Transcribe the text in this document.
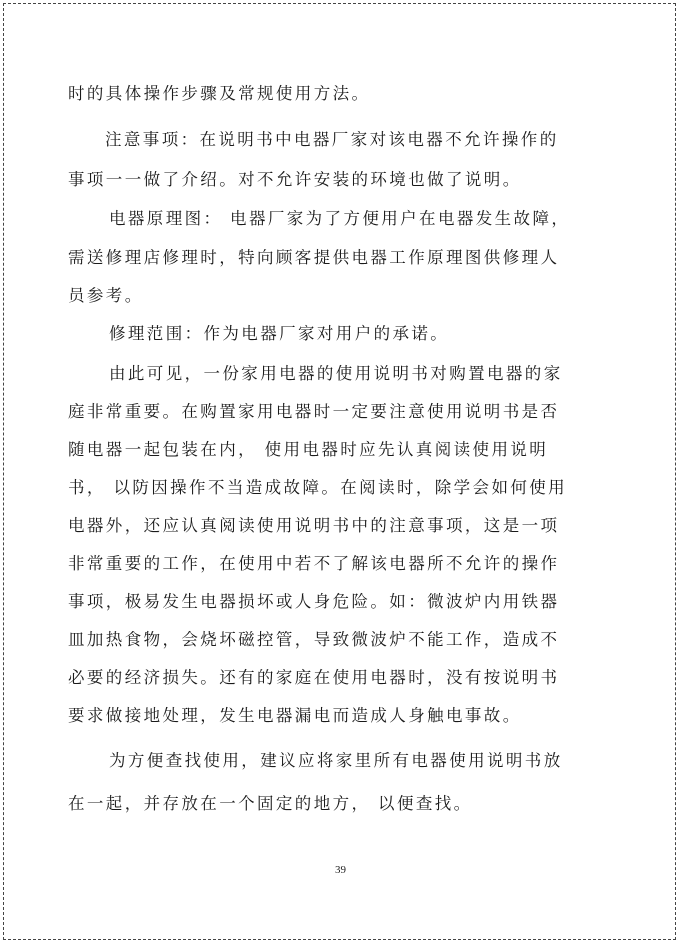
时的具体操作步骤及常规使用方法。
注意事项：在说明书中电器厂家对该电器不允许操作的
事项一一做了介绍。对不允许安装的环境也做了说明。
电器原理图： 电器厂家为了方便用户在电器发生故障，
需送修理店修理时，特向顾客提供电器工作原理图供修理人
员参考。
修理范围：作为电器厂家对用户的承诺。
由此可见，一份家用电器的使用说明书对购置电器的家
庭非常重要。在购置家用电器时一定要注意使用说明书是否
随电器一起包装在内， 使用电器时应先认真阅读使用说明
书， 以防因操作不当造成故障。在阅读时，除学会如何使用
电器外，还应认真阅读使用说明书中的注意事项，这是一项
非常重要的工作，在使用中若不了解该电器所不允许的操作
事项，极易发生电器损坏或人身危险。如：微波炉内用铁器
皿加热食物，会烧坏磁控管，导致微波炉不能工作，造成不
必要的经济损失。还有的家庭在使用电器时，没有按说明书
要求做接地处理，发生电器漏电而造成人身触电事故。
为方便查找使用，建议应将家里所有电器使用说明书放
在一起，并存放在一个固定的地方， 以便查找。
39
